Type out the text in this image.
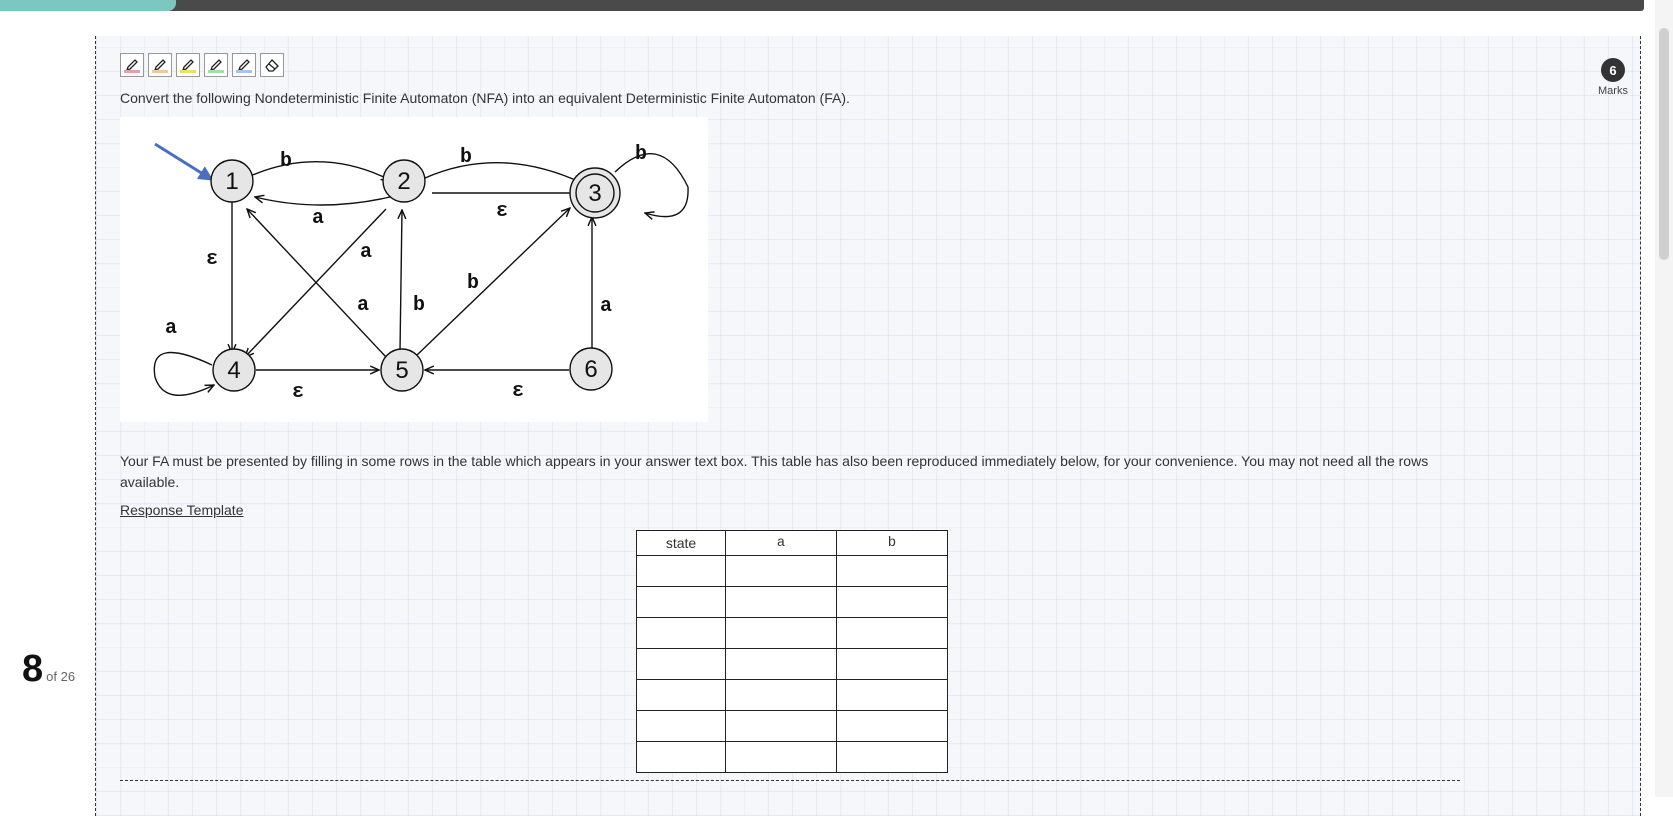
8 of 26
6
Marks
Convert the following Nondeterministic Finite Automaton (NFA) into an equivalent Deterministic Finite Automaton (FA).
b
a
b
ε
b
ε	a
a b
b
a
ε	ε
a
1	2	3
4	5	6
Your FA must be presented by filling in some rows in the table which appears in your answer text box. This table has also been reproduced immediately below, for your convenience. You may not need all the rows available.
Response Template
state	a	b
